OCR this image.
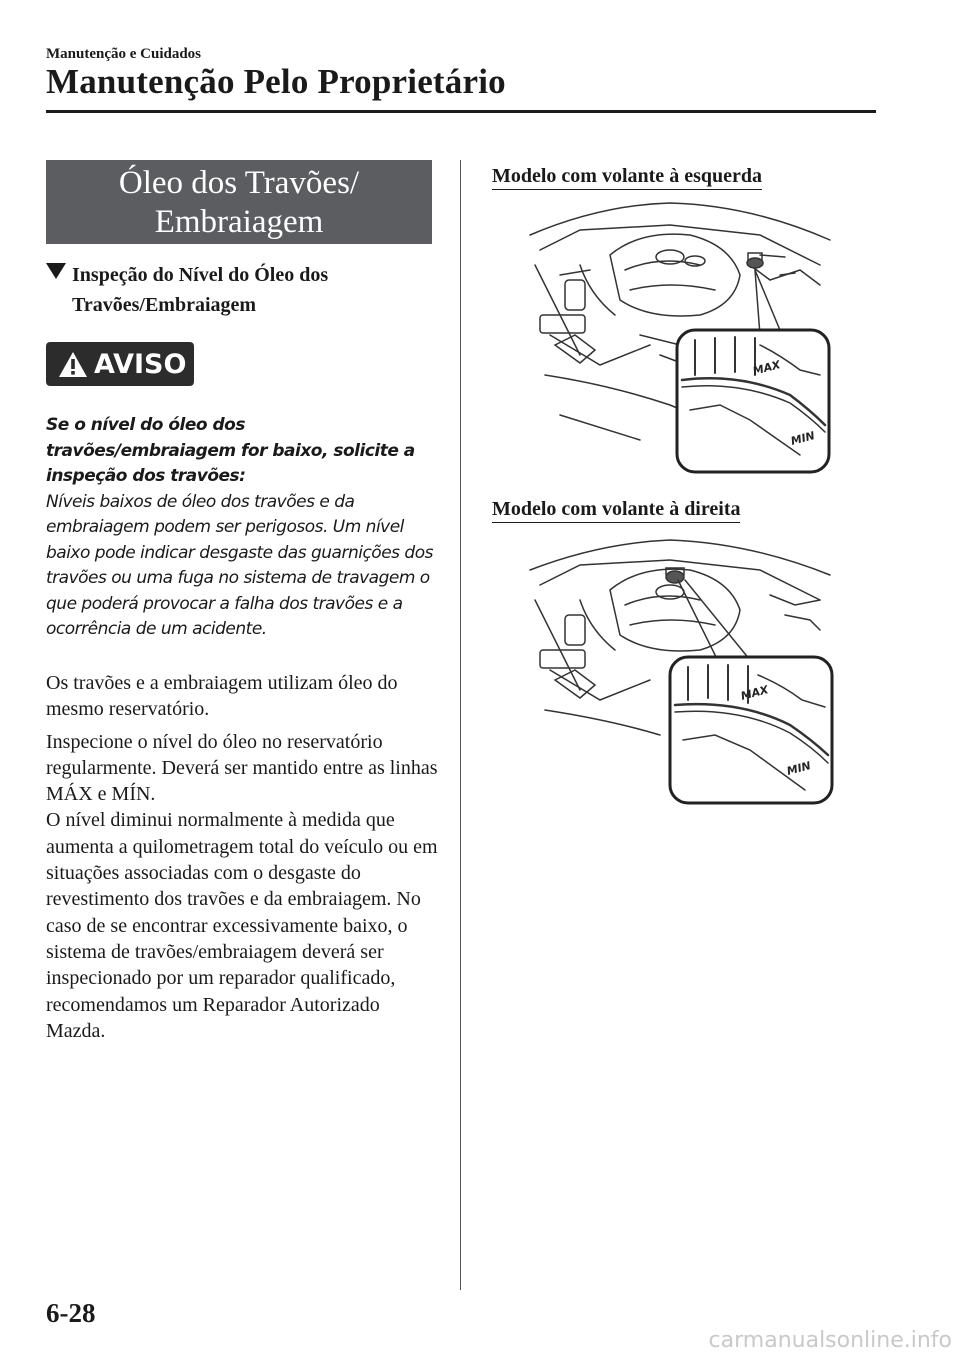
Manutenção e Cuidados
Manutenção Pelo Proprietário
Óleo dos Travões/
Embraiagem
Inspeção do Nível do Óleo dos
Travões/Embraiagem
AVISO
Se o nível do óleo dos travões/embraiagem for baixo, solicite a inspeção dos travões:
Níveis baixos de óleo dos travões e da embraiagem podem ser perigosos. Um nível baixo pode indicar desgaste das guarnições dos travões ou uma fuga no sistema de travagem o que poderá provocar a falha dos travões e a ocorrência de um acidente.

Os travões e a embraiagem utilizam óleo do mesmo reservatório.

Inspecione o nível do óleo no reservatório regularmente. Deverá ser mantido entre as linhas MÁX e MÍN.

O nível diminui normalmente à medida que aumenta a quilometragem total do veículo ou em situações associadas com o desgaste do revestimento dos travões e da embraiagem. No caso de se encontrar excessivamente baixo, o sistema de travões/embraiagem deverá ser inspecionado por um reparador qualificado, recomendamos um Reparador Autorizado Mazda.

Modelo com volante à esquerda
MAX
MIN
Modelo com volante à direita
MAX
MIN
6-28
carmanualsonline.info
